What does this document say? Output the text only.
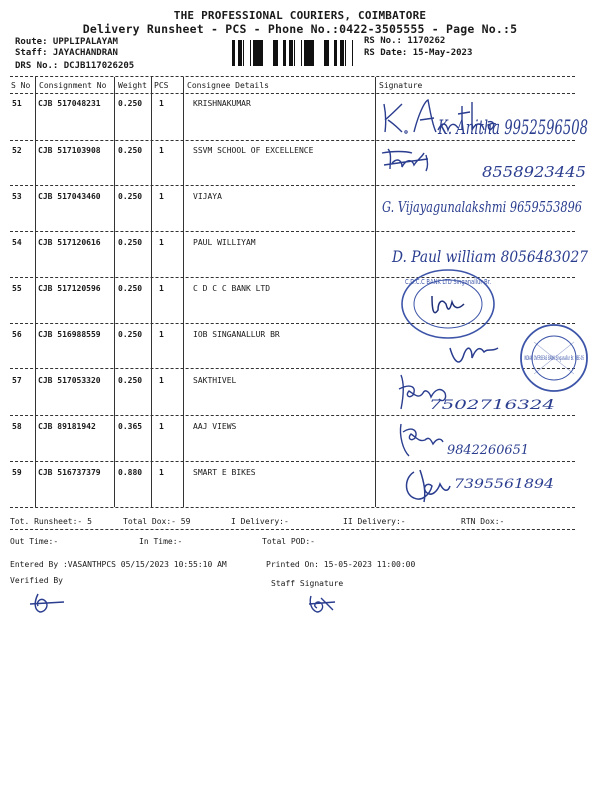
THE PROFESSIONAL COURIERS, COIMBATORE
Delivery Runsheet - PCS - Phone No.:0422-3505555 - Page No.:5
Route: UPPLIPALAYAM
Staff: JAYACHANDRAN
DRS No.: DCJB117026205
RS No.: 1170262
RS Date: 15-May-2023
S No Consignment No Weight PCS Consignee Details	Signature
51 CJB 517048231 0.250 1	KRISHNAKUMAR
52 CJB 517103908 0.250 1	SSVM SCHOOL OF EXCELLENCE
53 CJB 517043460 0.250 1	VIJAYA
54 CJB 517120616 0.250 1	PAUL WILLIYAM
55 CJB 517120596 0.250 1	C D C C BANK LTD
56 CJB 516988559 0.250 1	IOB SINGANALLUR BR
57 CJB 517053320 0.250 1	SAKTHIVEL
58 CJB 89181942	0.365 1	AAJ VIEWS
59 CJB 516737379 0.880 1	SMART E BIKES
K. Anitha 9952596508
8558923445
G. Vijayagunalakshmi 9659553896
D. Paul william 8056483027
C.D.C.C BANK LTD Singanallur Br.
INDIAN OVERSEAS BANK Singanallur Br. CBE-05
7502716324
9842260651
7395561894
Tot. Runsheet:- 5	Total Dox:- 59	I Delivery:-	II Delivery:-	RTN Dox:-
Out Time:-	In Time:-	Total POD:-
Entered By :VASANTHPCS 05/15/2023 10:55:10 AM	Printed On: 15-05-2023 11:00:00
Verified By	Staff Signature
